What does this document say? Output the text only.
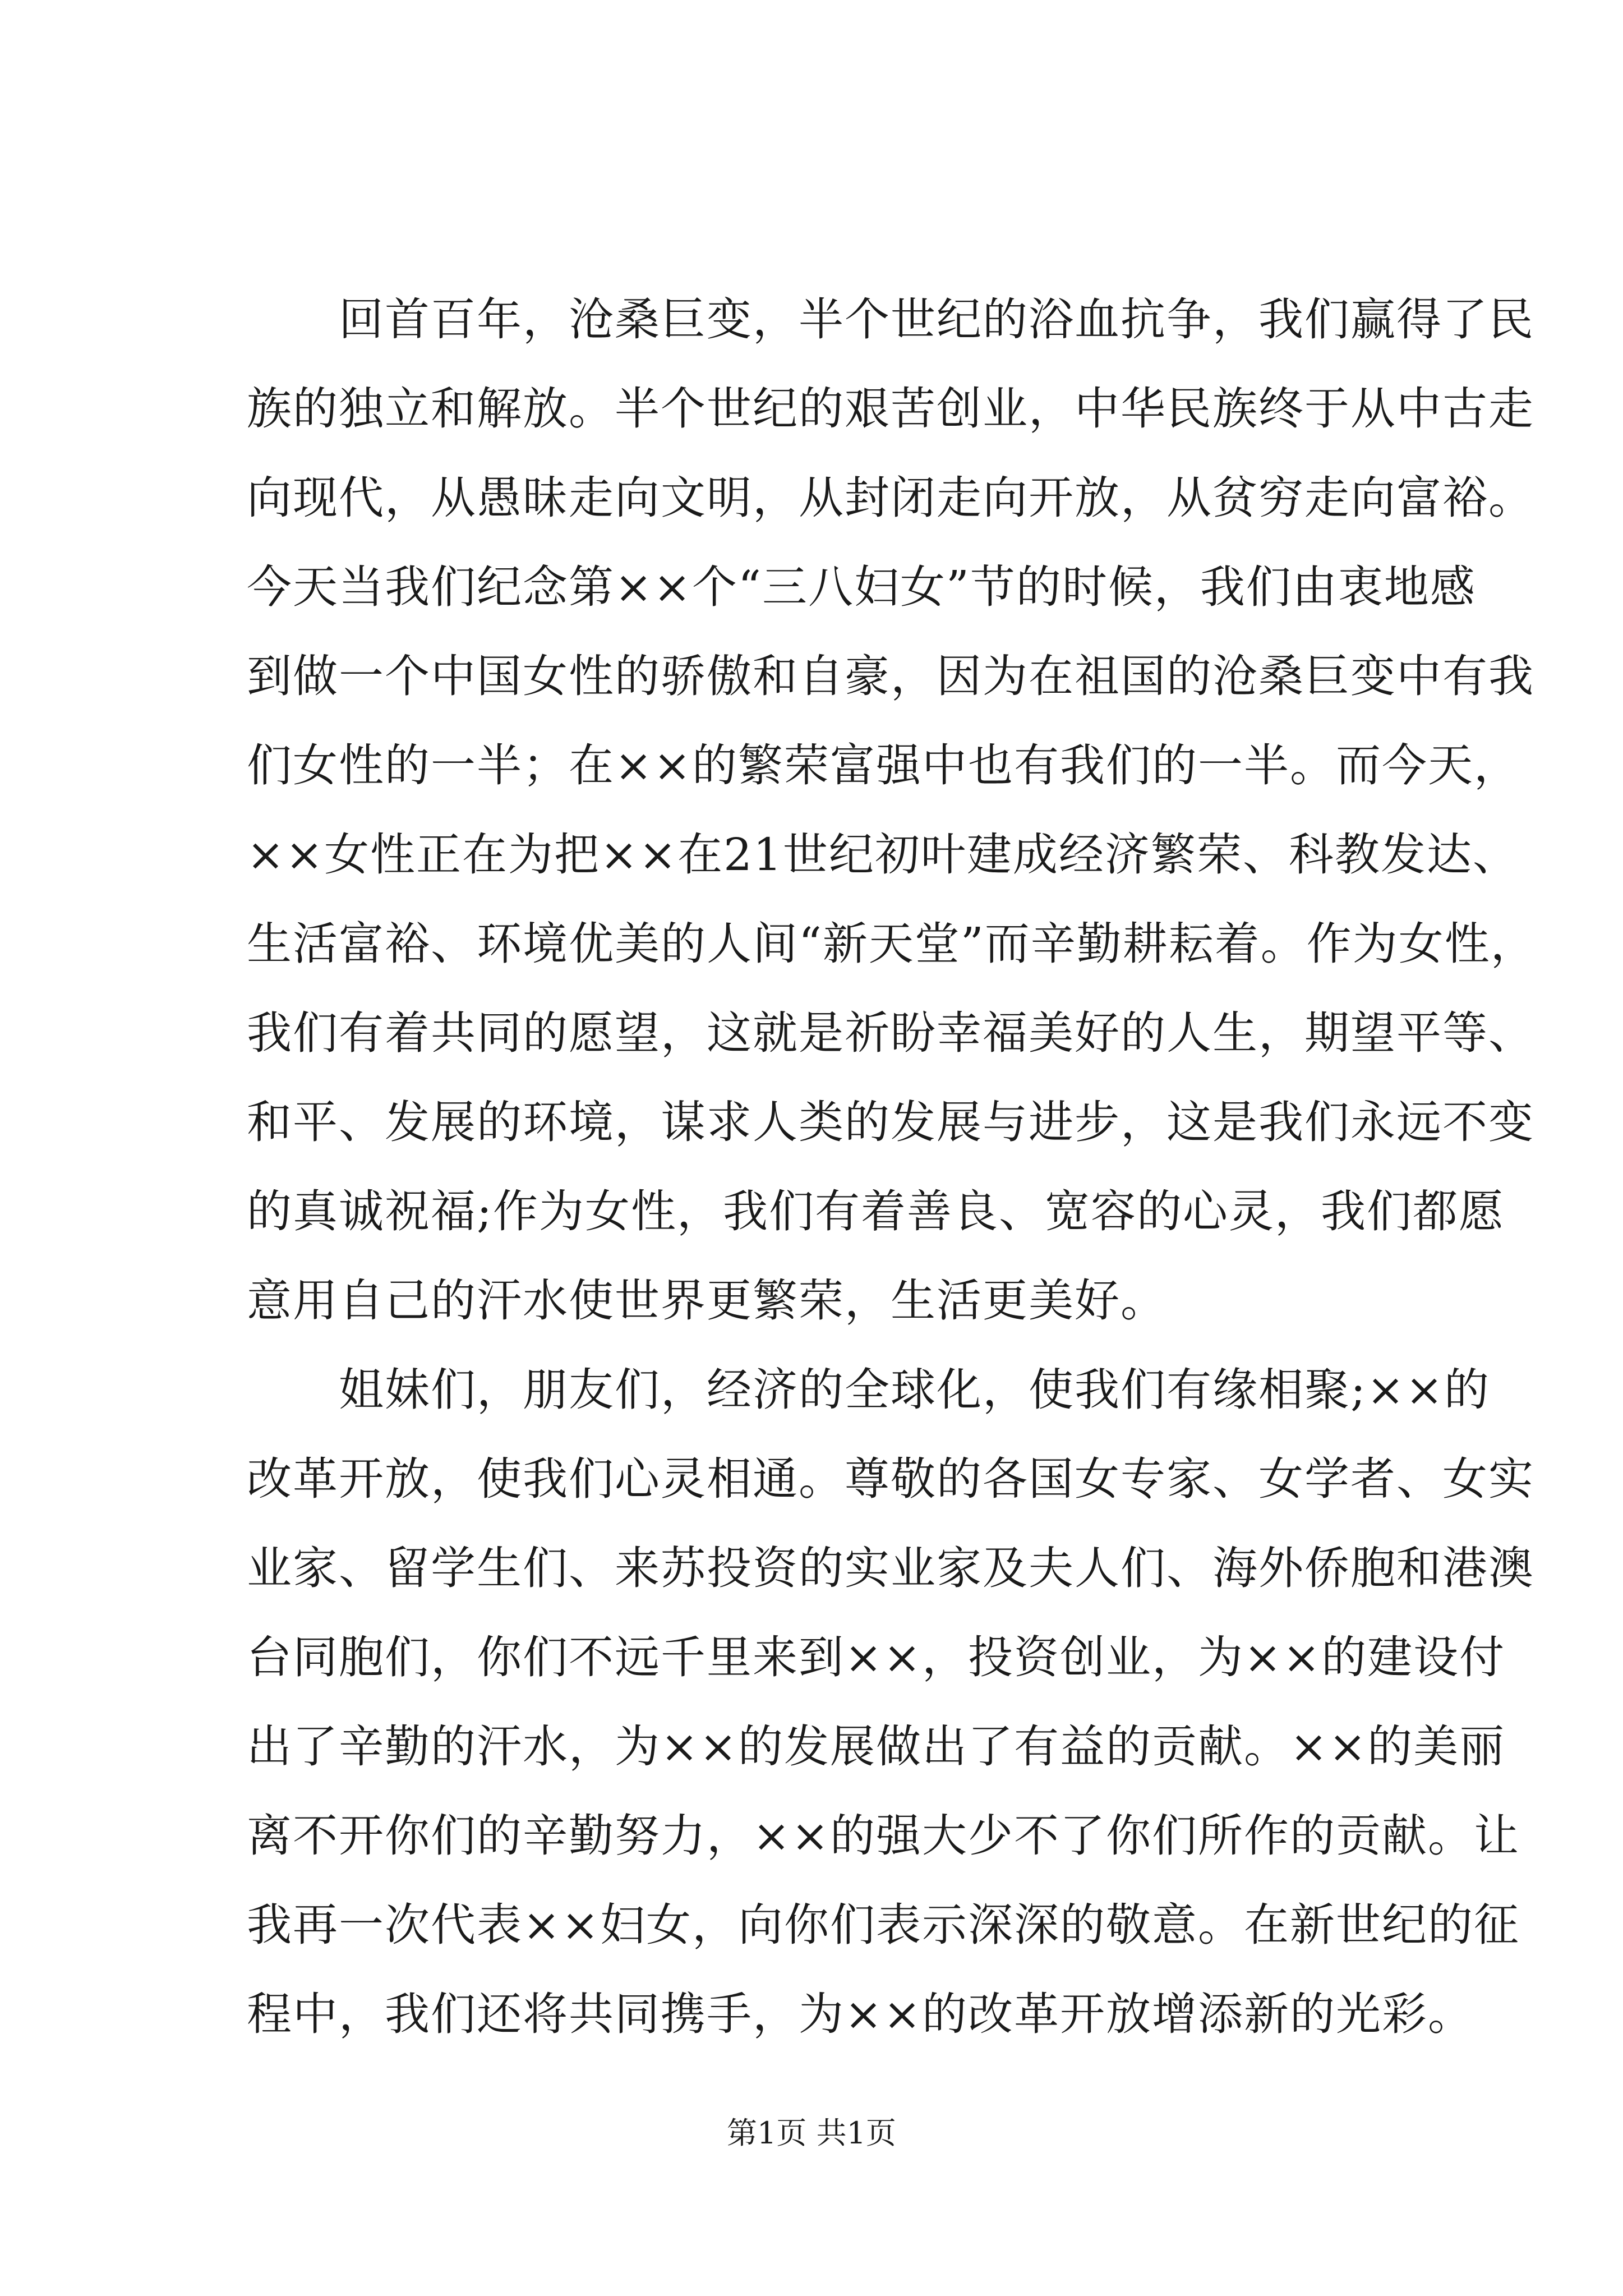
　　回首百年，沧桑巨变，半个世纪的浴血抗争，我们赢得了民
族的独立和解放。半个世纪的艰苦创业，中华民族终于从中古走
向现代，从愚昧走向文明，从封闭走向开放，从贫穷走向富裕。
今天当我们纪念第××个“三八妇女”节的时候，我们由衷地感
到做一个中国女性的骄傲和自豪，因为在祖国的沧桑巨变中有我
们女性的一半；在××的繁荣富强中也有我们的一半。而今天，
××女性正在为把××在21世纪初叶建成经济繁荣、科教发达、
生活富裕、环境优美的人间“新天堂”而辛勤耕耘着。作为女性，
我们有着共同的愿望，这就是祈盼幸福美好的人生，期望平等、
和平、发展的环境，谋求人类的发展与进步，这是我们永远不变
的真诚祝福;作为女性，我们有着善良、宽容的心灵，我们都愿
意用自己的汗水使世界更繁荣，生活更美好。
　　姐妹们，朋友们，经济的全球化，使我们有缘相聚;××的
改革开放，使我们心灵相通。尊敬的各国女专家、女学者、女实
业家、留学生们、来苏投资的实业家及夫人们、海外侨胞和港澳
台同胞们，你们不远千里来到××，投资创业，为××的建设付
出了辛勤的汗水，为××的发展做出了有益的贡献。××的美丽
离不开你们的辛勤努力，××的强大少不了你们所作的贡献。让
我再一次代表××妇女，向你们表示深深的敬意。在新世纪的征
程中，我们还将共同携手，为××的改革开放增添新的光彩。
第1页 共1页
